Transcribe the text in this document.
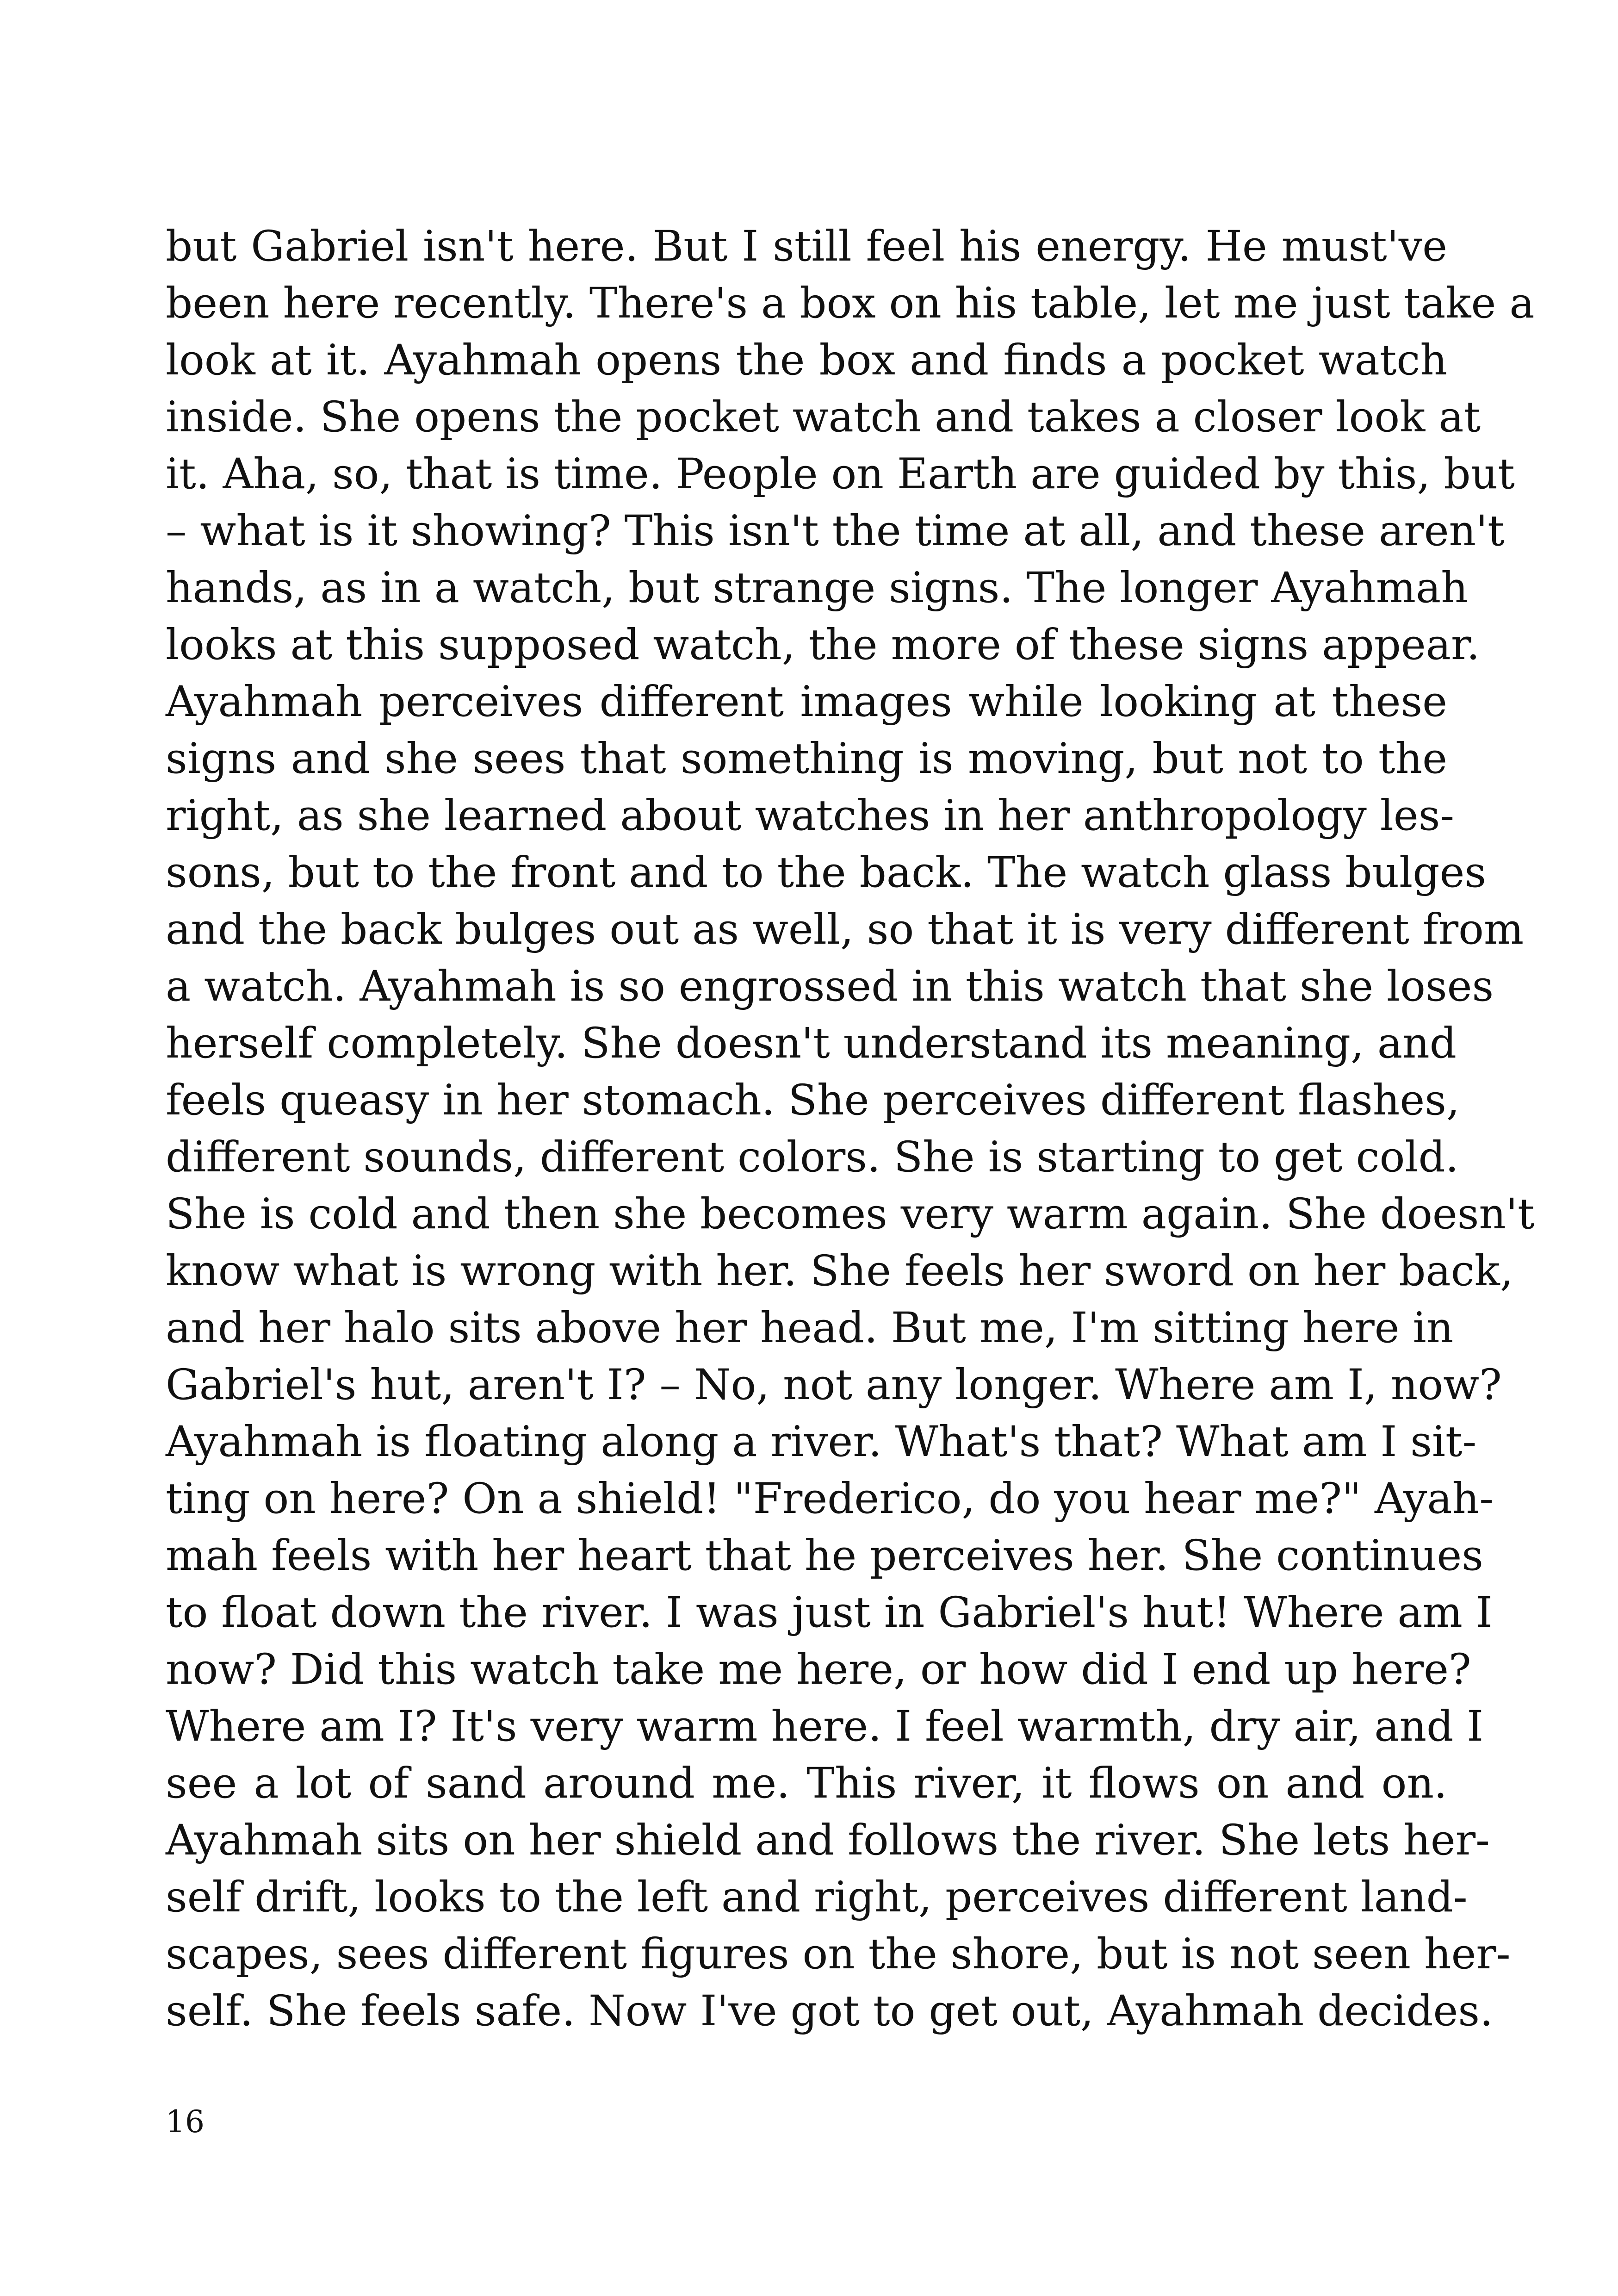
but Gabriel isn't here. But I still feel his energy. He must've
been here recently. There's a box on his table, let me just take a
look at it. Ayahmah opens the box and finds a pocket watch
inside. She opens the pocket watch and takes a closer look at
it. Aha, so, that is time. People on Earth are guided by this, but
– what is it showing? This isn't the time at all, and these aren't
hands, as in a watch, but strange signs. The longer Ayahmah
looks at this supposed watch, the more of these signs appear.
Ayahmah perceives different images while looking at these
signs and she sees that something is moving, but not to the
right, as she learned about watches in her anthropology les-
sons, but to the front and to the back. The watch glass bulges
and the back bulges out as well, so that it is very different from
a watch. Ayahmah is so engrossed in this watch that she loses
herself completely. She doesn't understand its meaning, and
feels queasy in her stomach. She perceives different flashes,
different sounds, different colors. She is starting to get cold.
She is cold and then she becomes very warm again. She doesn't
know what is wrong with her. She feels her sword on her back,
and her halo sits above her head. But me, I'm sitting here in
Gabriel's hut, aren't I? – No, not any longer. Where am I, now?
Ayahmah is floating along a river. What's that? What am I sit-
ting on here? On a shield! "Frederico, do you hear me?" Ayah-
mah feels with her heart that he perceives her. She continues
to float down the river. I was just in Gabriel's hut! Where am I
now? Did this watch take me here, or how did I end up here?
Where am I? It's very warm here. I feel warmth, dry air, and I
see a lot of sand around me. This river, it flows on and on.
Ayahmah sits on her shield and follows the river. She lets her-
self drift, looks to the left and right, perceives different land-
scapes, sees different figures on the shore, but is not seen her-
self. She feels safe. Now I've got to get out, Ayahmah decides.
16
